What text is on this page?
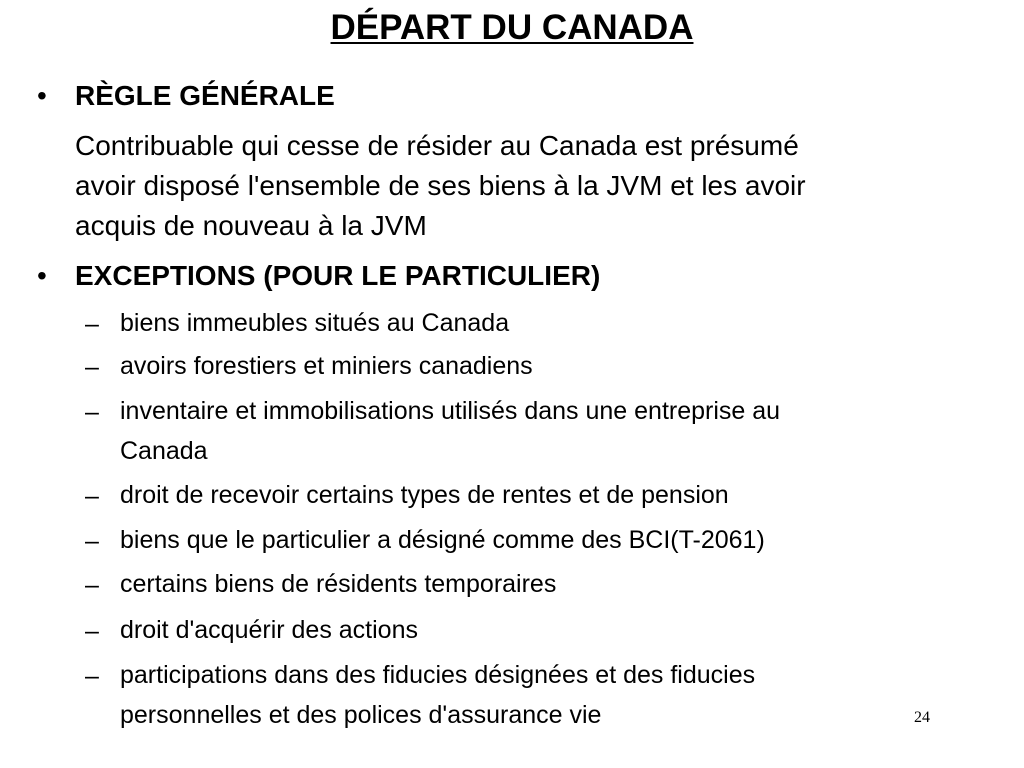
DÉPART DU CANADA
• RÈGLE GÉNÉRALE
Contribuable qui cesse de résider au Canada est présumé
avoir disposé l'ensemble de ses biens à la JVM et les avoir
acquis de nouveau à la JVM
• EXCEPTIONS (POUR LE PARTICULIER)
– biens immeubles situés au Canada
– avoirs forestiers et miniers canadiens
– inventaire et immobilisations utilisés dans une entreprise au
Canada
– droit de recevoir certains types de rentes et de pension
– biens que le particulier a désigné comme des BCI(T-2061)
– certains biens de résidents temporaires
– droit d'acquérir des actions
– participations dans des fiducies désignées et des fiducies
personnelles et des polices d'assurance vie	24
